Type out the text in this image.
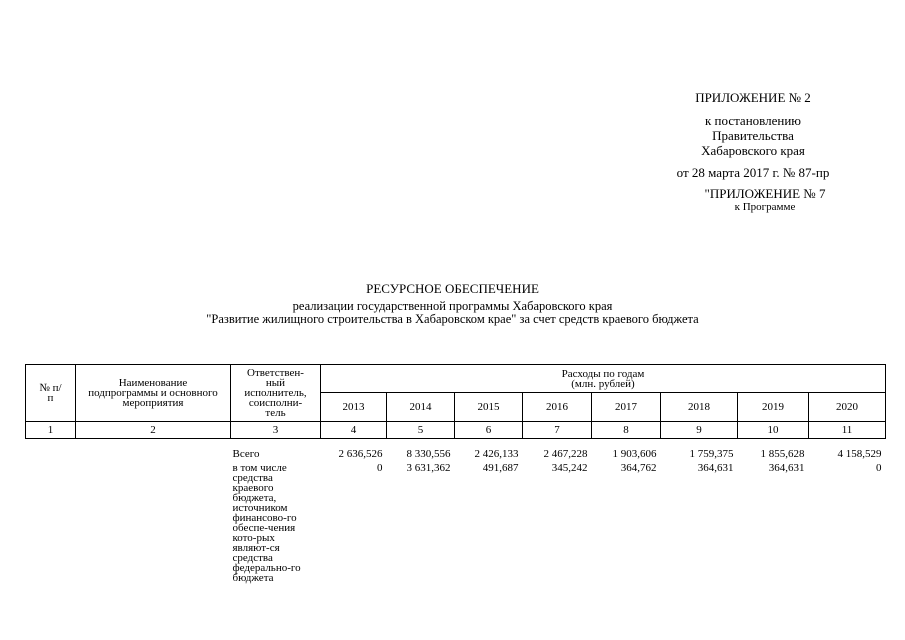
ПРИЛОЖЕНИЕ № 2
к постановлению
Правительства
Хабаровского края
от 28 марта 2017 г. № 87-пр
"ПРИЛОЖЕНИЕ № 7
к Программе
РЕСУРСНОЕ ОБЕСПЕЧЕНИЕ
реализации государственной программы Хабаровского края
"Развитие жилищного строительства в Хабаровском крае" за счет средств краевого бюджета
№ п/п	Наименование подпрограммы и основного мероприятия	Ответствен-ный исполнитель, соисполни-тель	Расходы по годам
(млн. рублей)							

			2013	2014	2015	2016	2017	2018	2019	2020
1	2	3	4	5	6	7	8	9	10	11
		Всего	2 636,526	8 330,556	2 426,133	2 467,228	1 903,606	1 759,375	1 855,628	4 158,529
		в том числе средства краевого бюджета, источником финансово-го обеспе-чения кото-рых являют-ся средства федерально-го бюджета	0	3 631,362	491,687	345,242	364,762	364,631	364,631	0
